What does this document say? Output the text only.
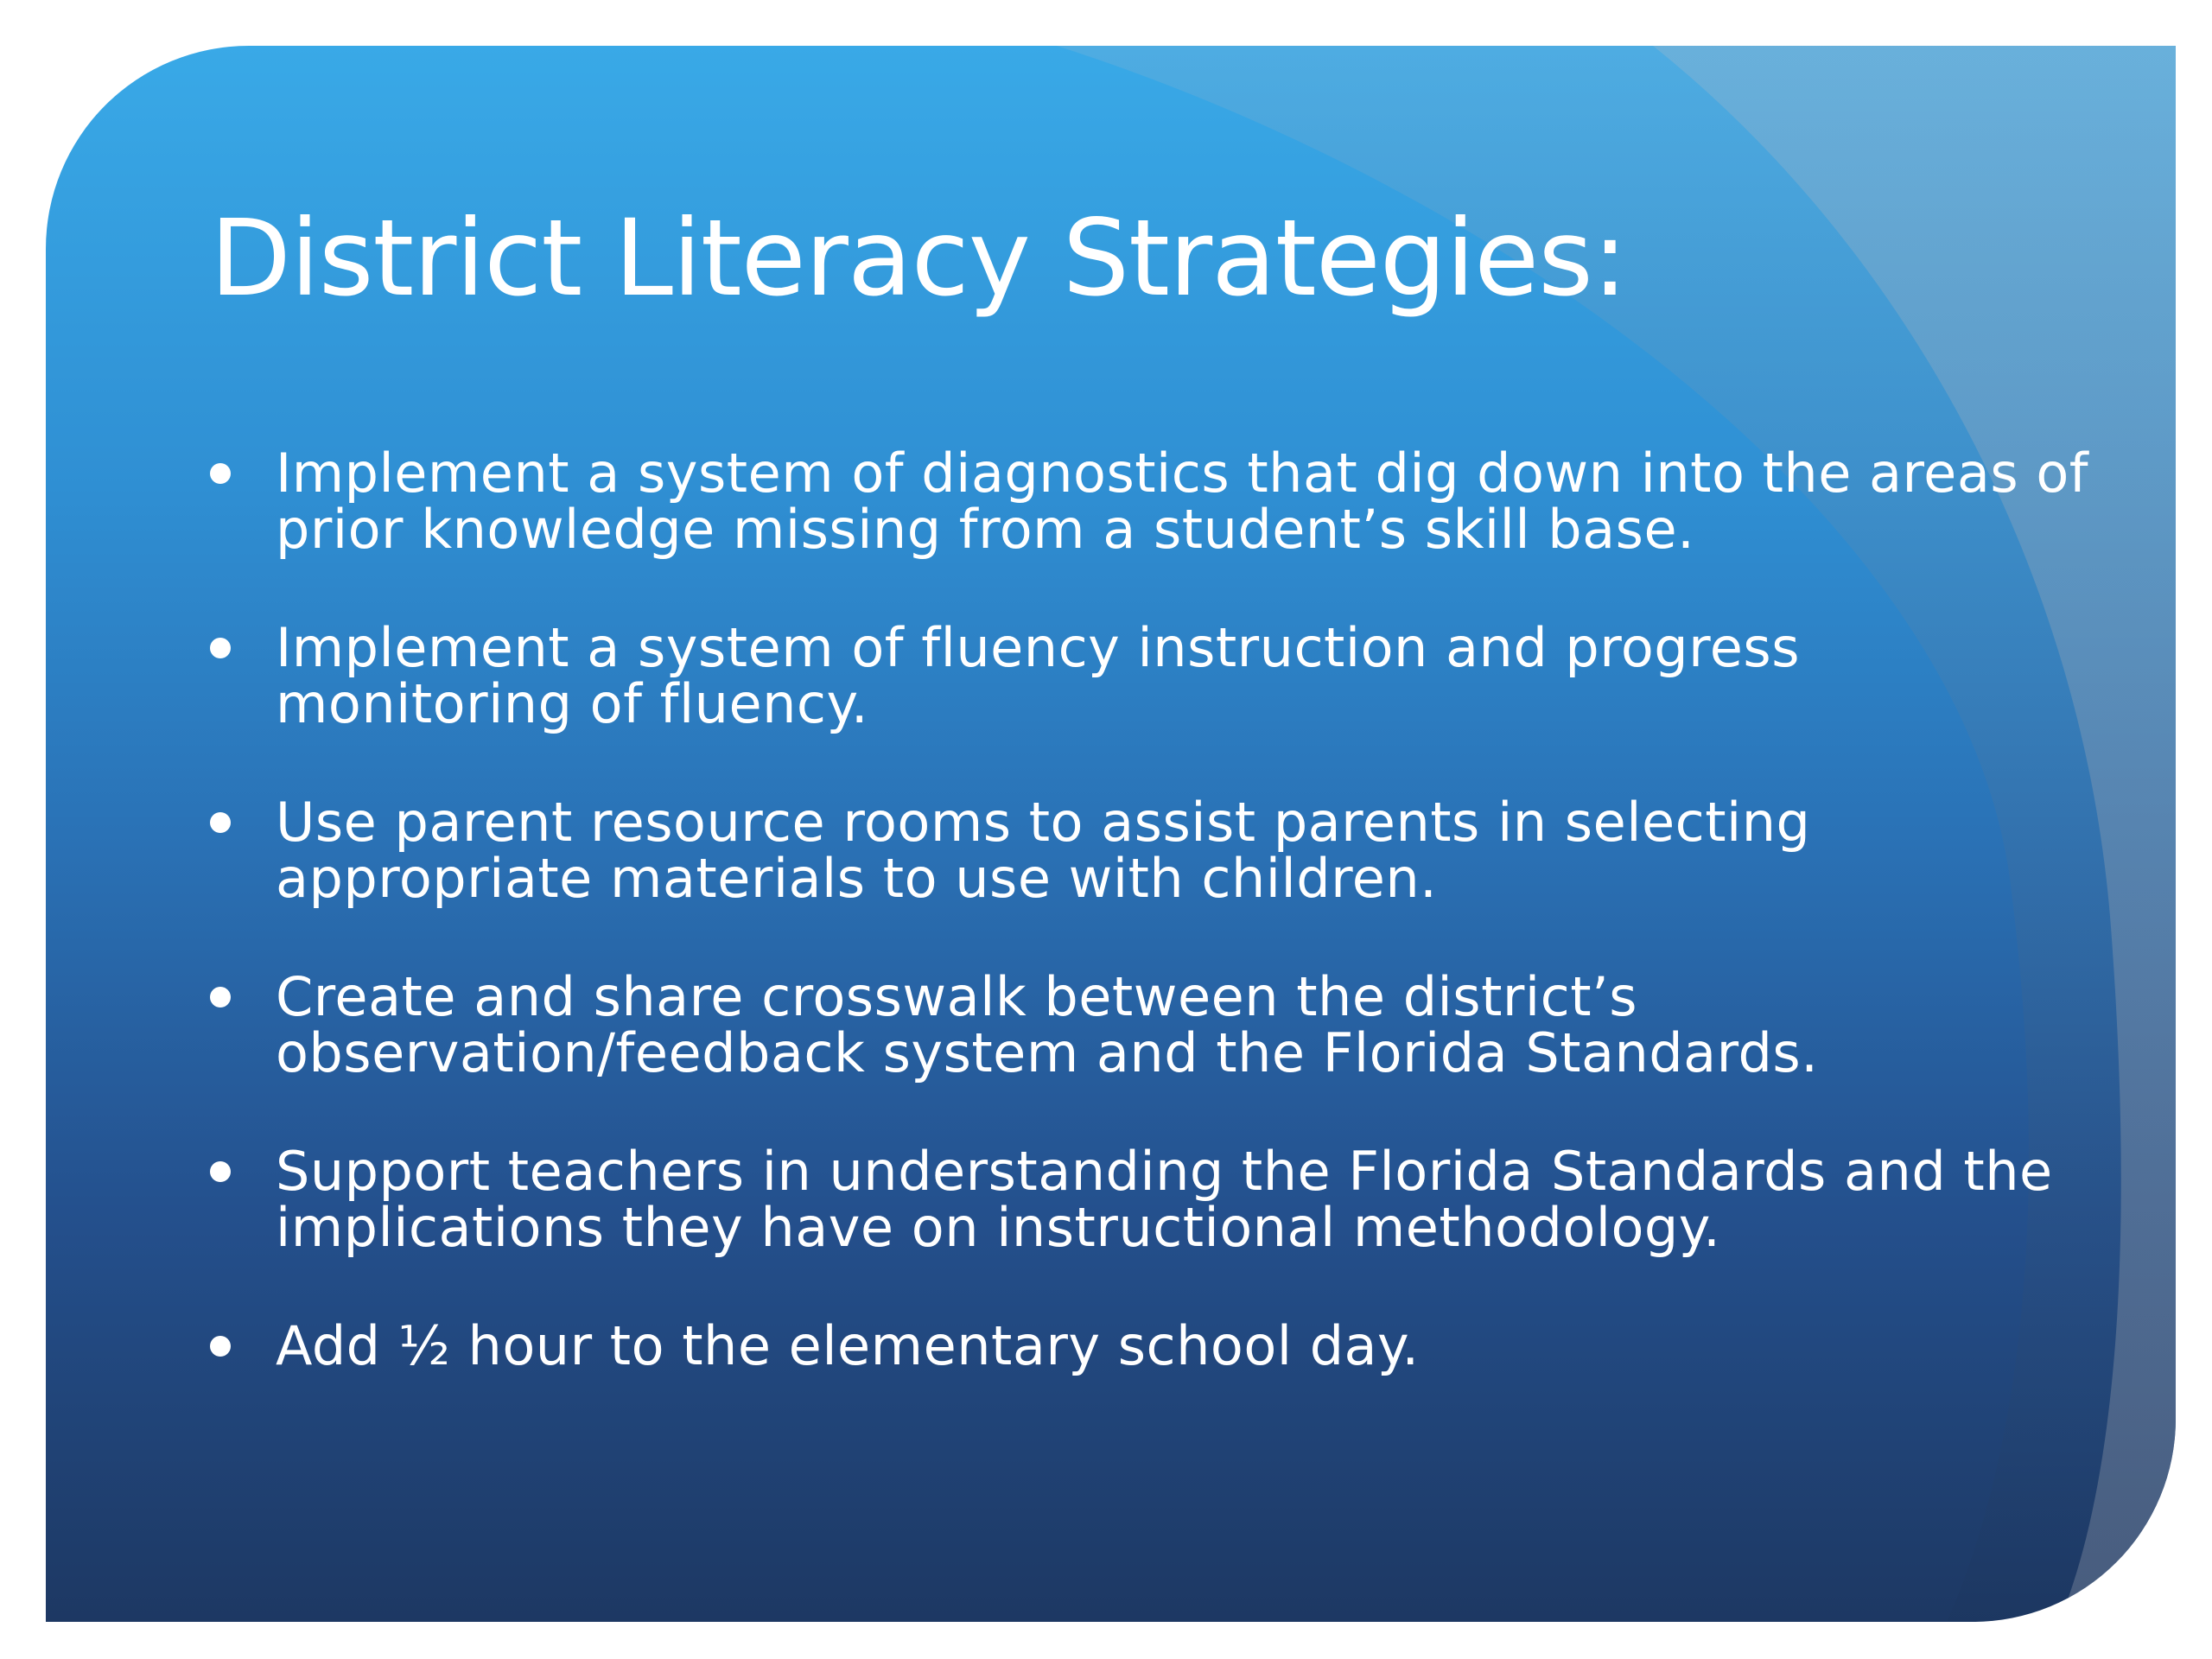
District Literacy Strategies:
Implement a system of diagnostics that dig down into the areas of prior knowledge missing from a student’s skill base.
Implement a system of fluency instruction and progress monitoring of fluency.
Use parent resource rooms to assist parents in selecting appropriate materials to use with children.
Create and share crosswalk between the district’s observation/feedback system and the Florida Standards.
Support teachers in understanding the Florida Standards and the implications they have on instructional methodology.
Add ½ hour to the elementary school day.
